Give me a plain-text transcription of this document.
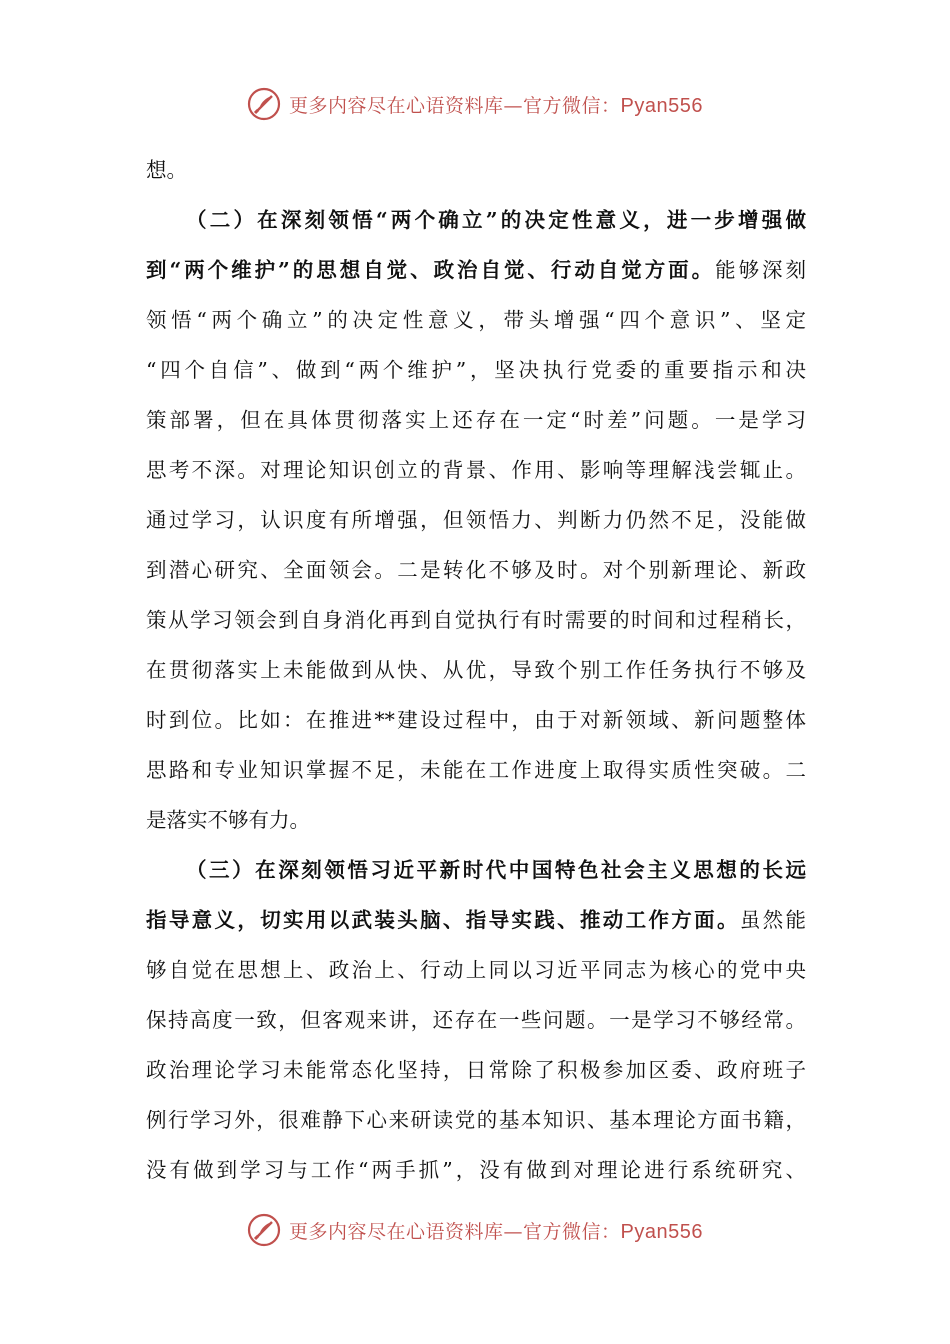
更多内容尽在心语资料库—官方微信：Pyan556
想。
（二）在深刻领悟“两个确立”的决定性意义，进一步增强做
到“两个维护”的思想自觉、政治自觉、行动自觉方面。能够深刻
领悟“两个确立”的决定性意义，带头增强“四个意识”、坚定
“四个自信”、做到“两个维护”，坚决执行党委的重要指示和决
策部署，但在具体贯彻落实上还存在一定“时差”问题。一是学习
思考不深。对理论知识创立的背景、作用、影响等理解浅尝辄止。
通过学习，认识度有所增强，但领悟力、判断力仍然不足，没能做
到潜心研究、全面领会。二是转化不够及时。对个别新理论、新政
策从学习领会到自身消化再到自觉执行有时需要的时间和过程稍长，
在贯彻落实上未能做到从快、从优，导致个别工作任务执行不够及
时到位。比如：在推进**建设过程中，由于对新领域、新问题整体
思路和专业知识掌握不足，未能在工作进度上取得实质性突破。二
是落实不够有力。
（三）在深刻领悟习近平新时代中国特色社会主义思想的长远
指导意义，切实用以武装头脑、指导实践、推动工作方面。虽然能
够自觉在思想上、政治上、行动上同以习近平同志为核心的党中央
保持高度一致，但客观来讲，还存在一些问题。一是学习不够经常。
政治理论学习未能常态化坚持，日常除了积极参加区委、政府班子
例行学习外，很难静下心来研读党的基本知识、基本理论方面书籍，
没有做到学习与工作“两手抓”，没有做到对理论进行系统研究、
更多内容尽在心语资料库—官方微信：Pyan556
